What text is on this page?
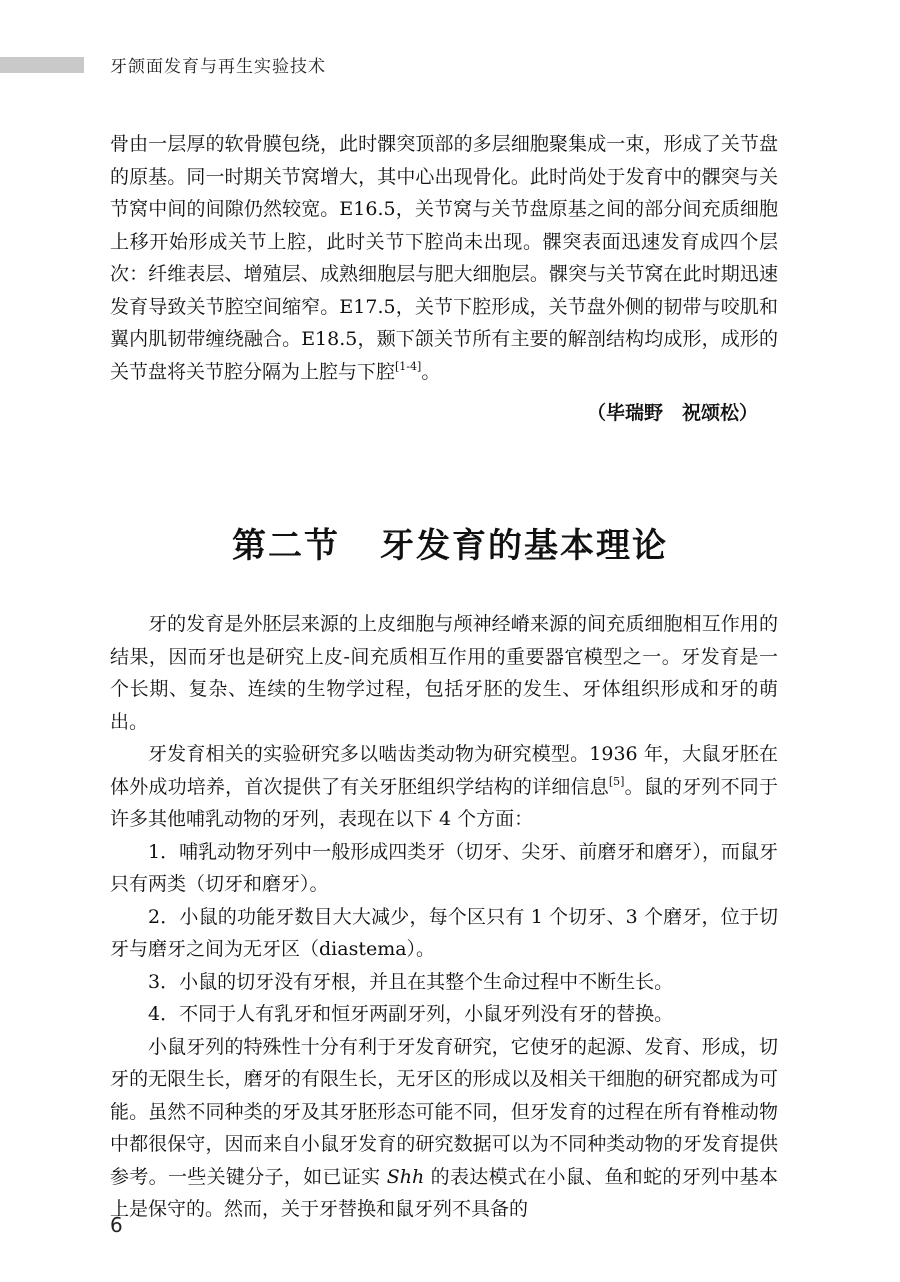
牙颌面发育与再生实验技术

骨由一层厚的软骨膜包绕，此时髁突顶部的多层细胞聚集成一束，形成了关节盘的原基。同一时期关节窝增大，其中心出现骨化。此时尚处于发育中的髁突与关节窝中间的间隙仍然较宽。E16.5，关节窝与关节盘原基之间的部分间充质细胞上移开始形成关节上腔，此时关节下腔尚未出现。髁突表面迅速发育成四个层次：纤维表层、增殖层、成熟细胞层与肥大细胞层。髁突与关节窝在此时期迅速发育导致关节腔空间缩窄。E17.5，关节下腔形成，关节盘外侧的韧带与咬肌和翼内肌韧带缠绕融合。E18.5，颞下颌关节所有主要的解剖结构均成形，成形的关节盘将关节腔分隔为上腔与下腔[1-4]。

（毕瑞野　祝颂松）
第二节 牙发育的基本理论

牙的发育是外胚层来源的上皮细胞与颅神经嵴来源的间充质细胞相互作用的结果，因而牙也是研究上皮-间充质相互作用的重要器官模型之一。牙发育是一个长期、复杂、连续的生物学过程，包括牙胚的发生、牙体组织形成和牙的萌出。

牙发育相关的实验研究多以啮齿类动物为研究模型。1936 年，大鼠牙胚在体外成功培养，首次提供了有关牙胚组织学结构的详细信息[5]。鼠的牙列不同于许多其他哺乳动物的牙列，表现在以下 4 个方面：

1．哺乳动物牙列中一般形成四类牙（切牙、尖牙、前磨牙和磨牙），而鼠牙只有两类（切牙和磨牙）。

2．小鼠的功能牙数目大大减少，每个区只有 1 个切牙、3 个磨牙，位于切牙与磨牙之间为无牙区（diastema）。

3．小鼠的切牙没有牙根，并且在其整个生命过程中不断生长。

4．不同于人有乳牙和恒牙两副牙列，小鼠牙列没有牙的替换。

小鼠牙列的特殊性十分有利于牙发育研究，它使牙的起源、发育、形成，切牙的无限生长，磨牙的有限生长，无牙区的形成以及相关干细胞的研究都成为可能。虽然不同种类的牙及其牙胚形态可能不同，但牙发育的过程在所有脊椎动物中都很保守，因而来自小鼠牙发育的研究数据可以为不同种类动物的牙发育提供参考。一些关键分子，如已证实 Shh 的表达模式在小鼠、鱼和蛇的牙列中基本上是保守的。然而，关于牙替换和鼠牙列不具备的

6
